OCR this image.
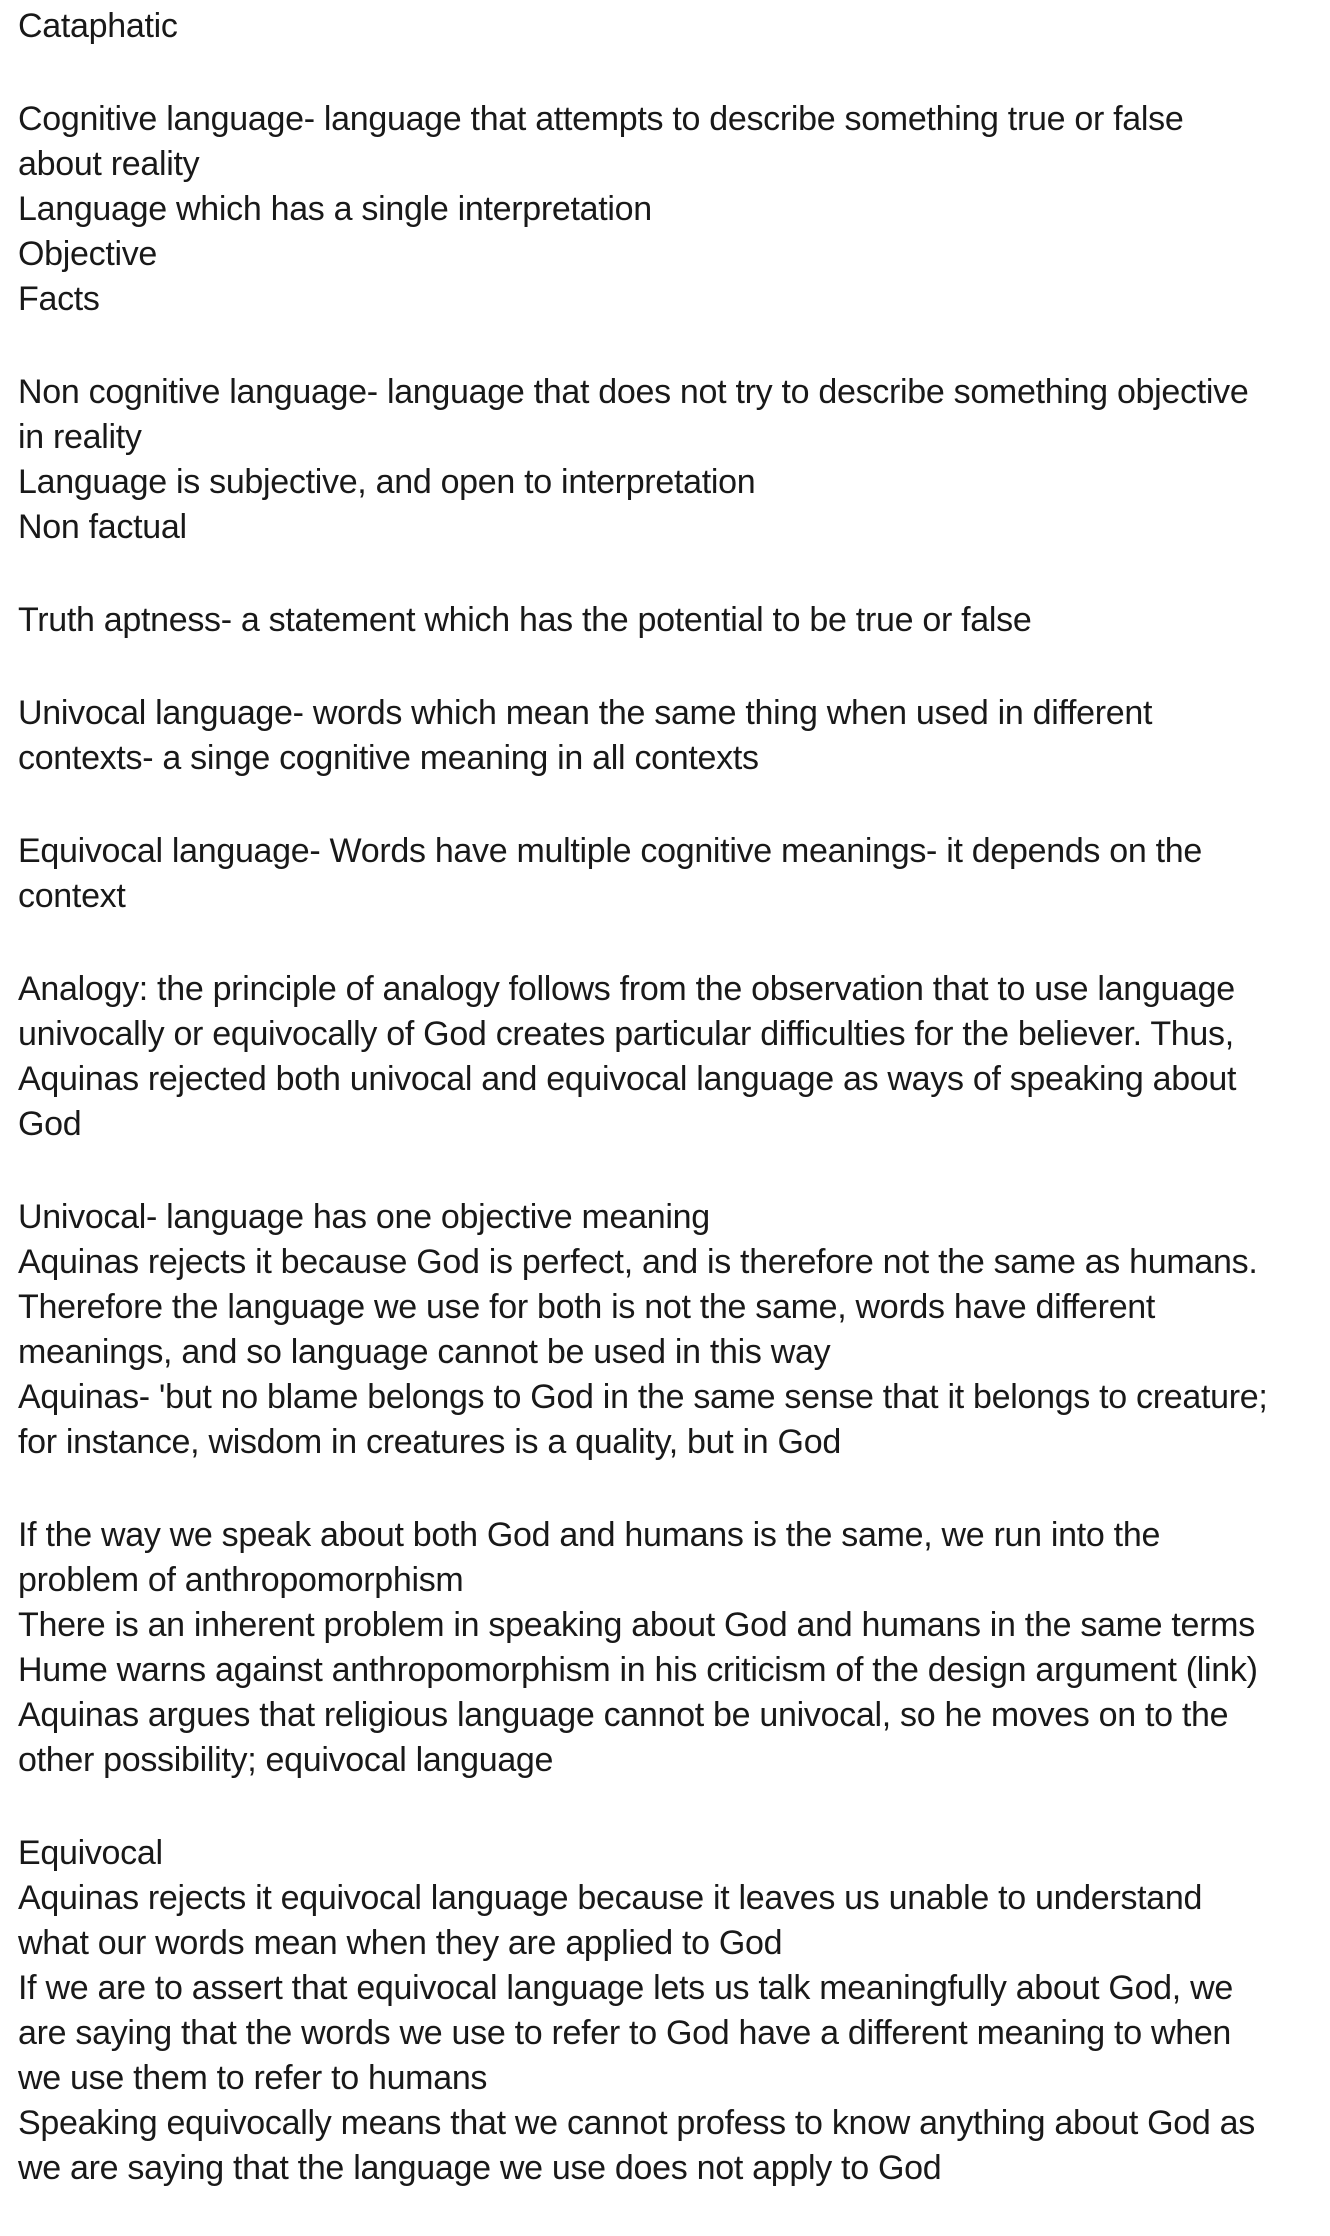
Cataphatic
Cognitive language- language that attempts to describe something true or false
about reality
Language which has a single interpretation
Objective
Facts
Non cognitive language- language that does not try to describe something objective
in reality
Language is subjective, and open to interpretation
Non factual
Truth aptness- a statement which has the potential to be true or false
Univocal language- words which mean the same thing when used in different
contexts- a singe cognitive meaning in all contexts
Equivocal language- Words have multiple cognitive meanings- it depends on the
context
Analogy: the principle of analogy follows from the observation that to use language
univocally or equivocally of God creates particular difficulties for the believer. Thus,
Aquinas rejected both univocal and equivocal language as ways of speaking about
God
Univocal- language has one objective meaning
Aquinas rejects it because God is perfect, and is therefore not the same as humans.
Therefore the language we use for both is not the same, words have different
meanings, and so language cannot be used in this way
Aquinas- 'but no blame belongs to God in the same sense that it belongs to creature;
for instance, wisdom in creatures is a quality, but in God
If the way we speak about both God and humans is the same, we run into the
problem of anthropomorphism
There is an inherent problem in speaking about God and humans in the same terms
Hume warns against anthropomorphism in his criticism of the design argument (link)
Aquinas argues that religious language cannot be univocal, so he moves on to the
other possibility; equivocal language
Equivocal
Aquinas rejects it equivocal language because it leaves us unable to understand
what our words mean when they are applied to God
If we are to assert that equivocal language lets us talk meaningfully about God, we
are saying that the words we use to refer to God have a different meaning to when
we use them to refer to humans
Speaking equivocally means that we cannot profess to know anything about God as
we are saying that the language we use does not apply to God
